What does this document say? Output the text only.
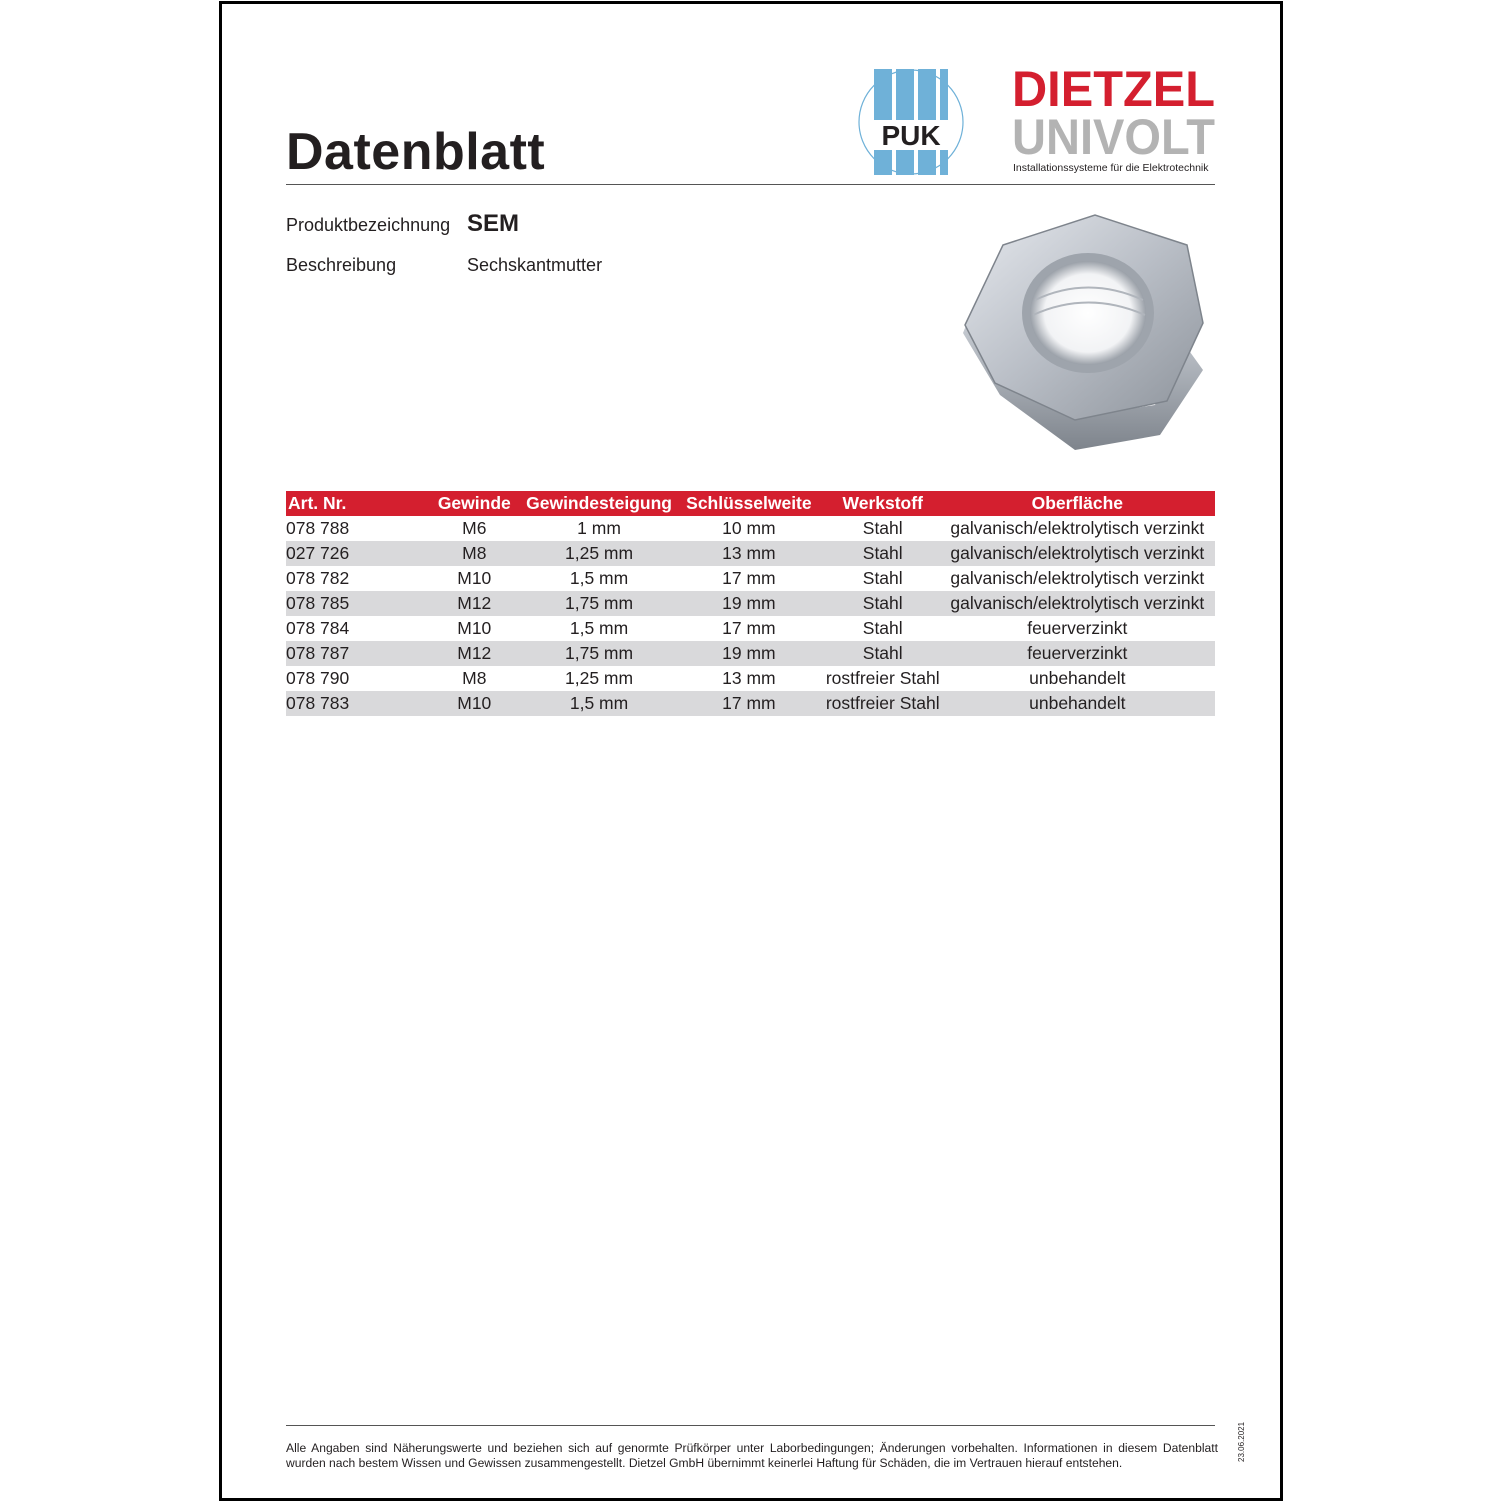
Datenblatt	PUK
DIETZEL
UNIVOLT
Installationssysteme für die Elektrotechnik
Produktbezeichnung SEM
Beschreibung	Sechskantmutter
Art. Nr.	Gewinde	Gewindesteigung	Schlüsselweite	Werkstoff	Oberfläche
078 788	M6	1 mm	10 mm	Stahl	galvanisch/elektrolytisch verzinkt
027 726	M8	1,25 mm	13 mm	Stahl	galvanisch/elektrolytisch verzinkt
078 782	M10	1,5 mm	17 mm	Stahl	galvanisch/elektrolytisch verzinkt
078 785	M12	1,75 mm	19 mm	Stahl	galvanisch/elektrolytisch verzinkt
078 784	M10	1,5 mm	17 mm	Stahl	feuerverzinkt
078 787	M12	1,75 mm	19 mm	Stahl	feuerverzinkt
078 790	M8	1,25 mm	13 mm	rostfreier Stahl	unbehandelt
078 783	M10	1,5 mm	17 mm	rostfreier Stahl	unbehandelt

Alle Angaben sind Näherungswerte und beziehen sich auf genormte Prüfkörper unter Laborbedingungen; Änderungen vorbehalten. Informationen in diesem Datenblatt wurden nach bestem Wissen und Gewissen zusammengestellt. Dietzel GmbH übernimmt keinerlei Haftung für Schäden, die im Vertrauen hierauf entstehen.

23.06.2021
